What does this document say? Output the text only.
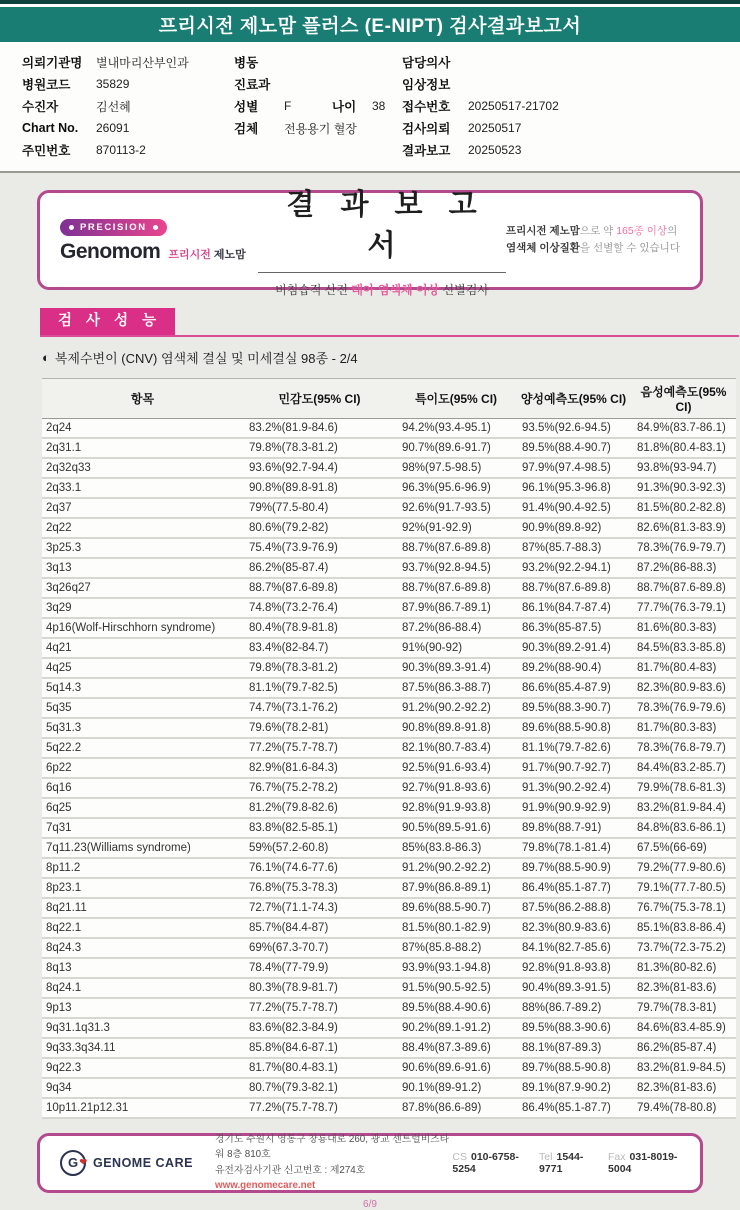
프리시전 제노맘 플러스 (E-NIPT) 검사결과보고서
의뢰기관명	별내마리산부인과
병원코드	35829
수진자	김선혜
Chart No.	26091
주민번호	870113-2
병동
진료과
성별	F	나이	38
검체	전용용기 혈장
담당의사
임상정보
접수번호	20250517-21702
검사의뢰	20250517
결과보고	20250523
PRECISION
Genomom 프리시전 제노맘
결 과 보 고 서
비침습적 산전 태아 염색체 이상 선별검사
프리시전 제노맘으로 약 165종 이상의
염색체 이상질환을 선별할 수 있습니다
검 사 성 능
◐ 복제수변이 (CNV) 염색체 결실 및 미세결실 98종 - 2/4
항목	민감도(95% CI)	특이도(95% CI)	양성예측도(95% CI)	음성예측도(95% CI)
2q24	83.2%(81.9-84.6)	94.2%(93.4-95.1)	93.5%(92.6-94.5)	84.9%(83.7-86.1)
2q31.1	79.8%(78.3-81.2)	90.7%(89.6-91.7)	89.5%(88.4-90.7)	81.8%(80.4-83.1)
2q32q33	93.6%(92.7-94.4)	98%(97.5-98.5)	97.9%(97.4-98.5)	93.8%(93-94.7)
2q33.1	90.8%(89.8-91.8)	96.3%(95.6-96.9)	96.1%(95.3-96.8)	91.3%(90.3-92.3)
2q37	79%(77.5-80.4)	92.6%(91.7-93.5)	91.4%(90.4-92.5)	81.5%(80.2-82.8)
2q22	80.6%(79.2-82)	92%(91-92.9)	90.9%(89.8-92)	82.6%(81.3-83.9)
3p25.3	75.4%(73.9-76.9)	88.7%(87.6-89.8)	87%(85.7-88.3)	78.3%(76.9-79.7)
3q13	86.2%(85-87.4)	93.7%(92.8-94.5)	93.2%(92.2-94.1)	87.2%(86-88.3)
3q26q27	88.7%(87.6-89.8)	88.7%(87.6-89.8)	88.7%(87.6-89.8)	88.7%(87.6-89.8)
3q29	74.8%(73.2-76.4)	87.9%(86.7-89.1)	86.1%(84.7-87.4)	77.7%(76.3-79.1)
4p16(Wolf-Hirschhorn syndrome)	80.4%(78.9-81.8)	87.2%(86-88.4)	86.3%(85-87.5)	81.6%(80.3-83)
4q21	83.4%(82-84.7)	91%(90-92)	90.3%(89.2-91.4)	84.5%(83.3-85.8)
4q25	79.8%(78.3-81.2)	90.3%(89.3-91.4)	89.2%(88-90.4)	81.7%(80.4-83)
5q14.3	81.1%(79.7-82.5)	87.5%(86.3-88.7)	86.6%(85.4-87.9)	82.3%(80.9-83.6)
5q35	74.7%(73.1-76.2)	91.2%(90.2-92.2)	89.5%(88.3-90.7)	78.3%(76.9-79.6)
5q31.3	79.6%(78.2-81)	90.8%(89.8-91.8)	89.6%(88.5-90.8)	81.7%(80.3-83)
5q22.2	77.2%(75.7-78.7)	82.1%(80.7-83.4)	81.1%(79.7-82.6)	78.3%(76.8-79.7)
6p22	82.9%(81.6-84.3)	92.5%(91.6-93.4)	91.7%(90.7-92.7)	84.4%(83.2-85.7)
6q16	76.7%(75.2-78.2)	92.7%(91.8-93.6)	91.3%(90.2-92.4)	79.9%(78.6-81.3)
6q25	81.2%(79.8-82.6)	92.8%(91.9-93.8)	91.9%(90.9-92.9)	83.2%(81.9-84.4)
7q31	83.8%(82.5-85.1)	90.5%(89.5-91.6)	89.8%(88.7-91)	84.8%(83.6-86.1)
7q11.23(Williams syndrome)	59%(57.2-60.8)	85%(83.8-86.3)	79.8%(78.1-81.4)	67.5%(66-69)
8p11.2	76.1%(74.6-77.6)	91.2%(90.2-92.2)	89.7%(88.5-90.9)	79.2%(77.9-80.6)
8p23.1	76.8%(75.3-78.3)	87.9%(86.8-89.1)	86.4%(85.1-87.7)	79.1%(77.7-80.5)
8q21.11	72.7%(71.1-74.3)	89.6%(88.5-90.7)	87.5%(86.2-88.8)	76.7%(75.3-78.1)
8q22.1	85.7%(84.4-87)	81.5%(80.1-82.9)	82.3%(80.9-83.6)	85.1%(83.8-86.4)
8q24.3	69%(67.3-70.7)	87%(85.8-88.2)	84.1%(82.7-85.6)	73.7%(72.3-75.2)
8q13	78.4%(77-79.9)	93.9%(93.1-94.8)	92.8%(91.8-93.8)	81.3%(80-82.6)
8q24.1	80.3%(78.9-81.7)	91.5%(90.5-92.5)	90.4%(89.3-91.5)	82.3%(81-83.6)
9p13	77.2%(75.7-78.7)	89.5%(88.4-90.6)	88%(86.7-89.2)	79.7%(78.3-81)
9q31.1q31.3	83.6%(82.3-84.9)	90.2%(89.1-91.2)	89.5%(88.3-90.6)	84.6%(83.4-85.9)
9q33.3q34.11	85.8%(84.6-87.1)	88.4%(87.3-89.6)	88.1%(87-89.3)	86.2%(85-87.4)
9q22.3	81.7%(80.4-83.1)	90.6%(89.6-91.6)	89.7%(88.5-90.8)	83.2%(81.9-84.5)
9q34	80.7%(79.3-82.1)	90.1%(89-91.2)	89.1%(87.9-90.2)	82.3%(81-83.6)
10p11.21p12.31	77.2%(75.7-78.7)	87.8%(86.6-89)	86.4%(85.1-87.7)	79.4%(78-80.8)
G ❤ GENOME CARE
경기도 수원시 영통구 창룡대로 260, 광교 센트럴비즈타워 8층 810호
유전자검사기관 신고번호 : 제274호
www.genomecare.net
CS 010-6758-5254
Tel 1544-9771
Fax 031-8019-5004
6/9
